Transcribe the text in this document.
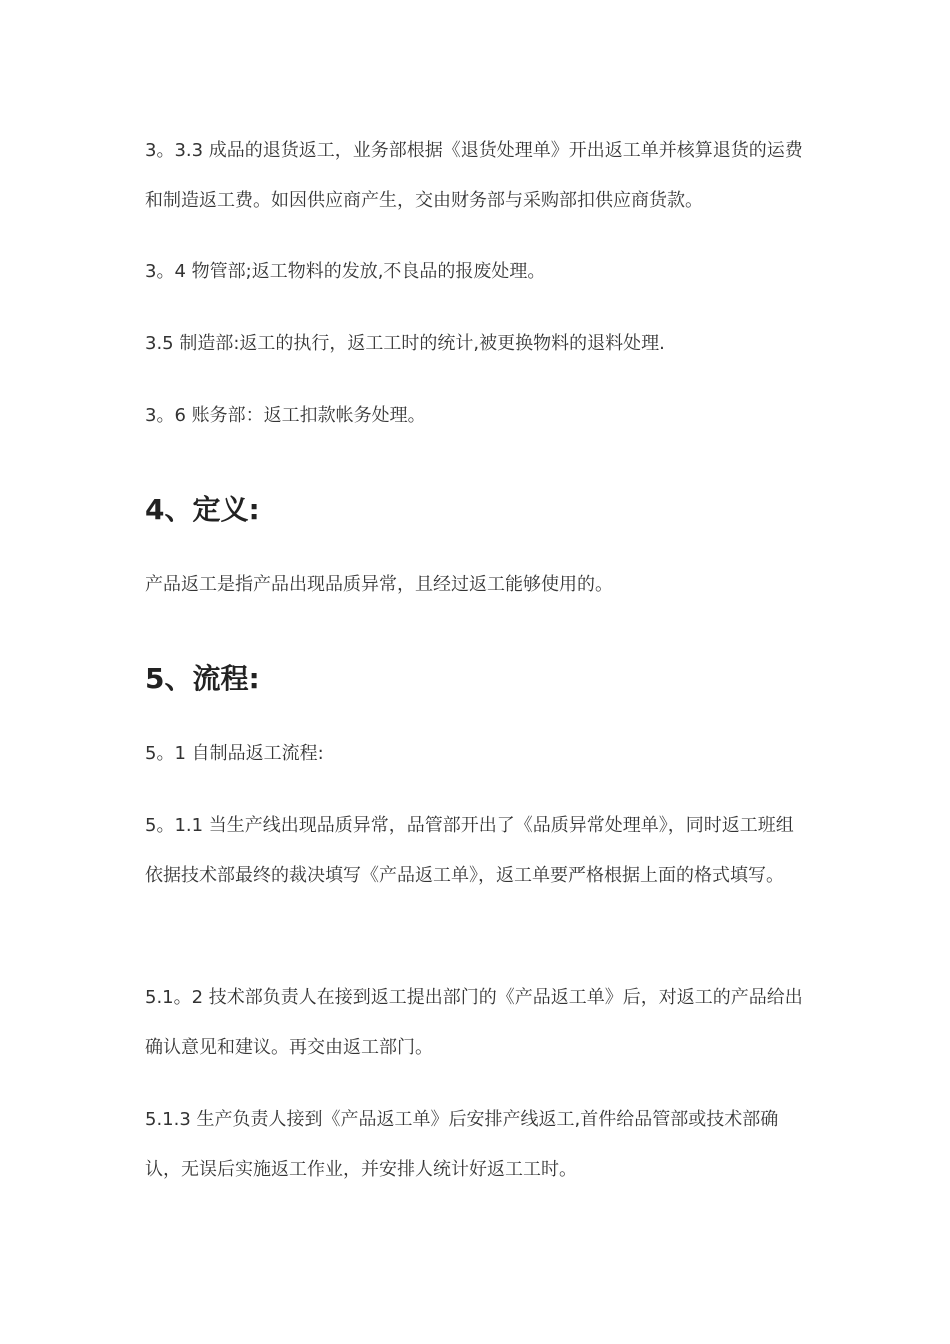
3。3.3 成品的退货返工，业务部根据《退货处理单》开出返工单并核算退货的运费和制造返工费。如因供应商产生，交由财务部与采购部扣供应商货款。

3。4 物管部;返工物料的发放,不良品的报废处理。

3.5 制造部:返工的执行，返工工时的统计,被更换物料的退料处理.

3。6 账务部：返工扣款帐务处理。

4、定义:

产品返工是指产品出现品质异常，且经过返工能够使用的。

5、流程:

5。1 自制品返工流程:

5。1.1 当生产线出现品质异常，品管部开出了《品质异常处理单》，同时返工班组依据技术部最终的裁决填写《产品返工单》，返工单要严格根据上面的格式填写。

5.1。2 技术部负责人在接到返工提出部门的《产品返工单》后，对返工的产品给出确认意见和建议。再交由返工部门。

5.1.3 生产负责人接到《产品返工单》后安排产线返工,首件给品管部或技术部确认，无误后实施返工作业，并安排人统计好返工工时。
